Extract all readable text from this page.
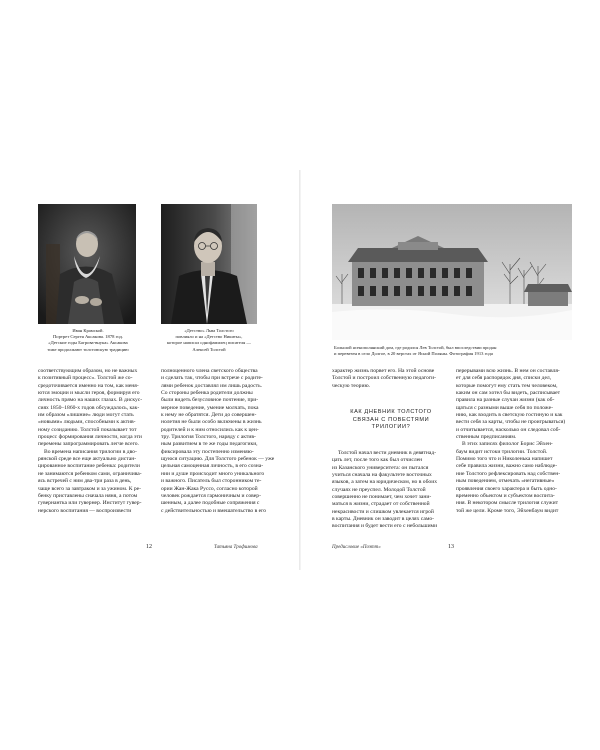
Иван Крамской.
Портрет Сергея Аксакова. 1878 год.
«Детские годы Багрова-внука» Аксакова
тоже продолжают толстовскую традицию
«Детство» Льва Толстого
повлияло и на «Детство Никиты»,
которое написал однофамилец писателя —
Алексей Толстой
соответствующим образом, но не важных
к позитивный процесс». Толстой же со-
средоточивается именно на том, как меня-
ются эмоции и мысли героя, формируя его
личность прямо на наших глазах. В дискус-
сиях 1850–1860-х годов обсуждалось, как-
им образом «лишние» люди могут стать
«новыми» людьми, способными к актив-
ному созиданию. Толстой показывает тот
процесс формирования личности, когда эти
перемены запрограммировать легче всего.
Во времена написания трилогии в дво-
рянской среде все еще актуально дистан-
цированное воспитание ребенка: родители
не занимаются ребенком сами, ограничива-
ясь встречей с ним два-три раза в день,
чаще всего за завтраком и за ужином. К ре-
бенку приставлены сначала няня, а потом
гувернантка или гувернер. Институт гувер-
нерского воспитания — воспроизвести
полноценного члена светского общества
и сделать так, чтобы при встрече с родите-
лями ребенок доставлял им лишь радость.
Со стороны ребенка родители должны
были видеть безусловное почтение, при-
мерное поведение, умение молчать, пока
к нему не обратятся. Дети до совершен-
нолетия не были особо включены в жизнь
родителей и к ним относились как к цен-
тру. Трилогия Толстого, наряду с актив-
ным развитием в те же годы педагогики,
фиксировала эту постепенно изменяю-
щуюся ситуацию. Для Толстого ребенок — уже
цельная самоценная личность, в его созна-
нии и душе происходит много уникального
и важного. Писатель был сторонником те-
ории Жан-Жака Руссо, согласно которой
человек рождается гармоничным и совер-
шенным, а далее подобные сопряжения с
с действительностью и вмешательство в его
12	Татьяна Трофимова
Большой ясенополянский дом, где родился Лев Толстой, был впоследствии продан
и перевезен в село Долгое, в 20 верстах от Ясной Поляны. Фотография 1913 года
характер жизнь порвет его. На этой основе
Толстой и построил собственную педагоги-
ческую теорию.
КАК ДНЕВНИК ТОЛСТОГО
СВЯЗАН С ПОВЕСТЯМИ
ТРИЛОГИИ?
Толстой начал вести дневник в девятнад-
цать лет, после того как был отчислен
из Казанского университета: он пытался
учиться сначала на факультете восточных
языков, а затем на юридическом, но в обоих
случаях не преуспел. Молодой Толстой
совершенно не понимает, чем хочет зани-
маться в жизни, страдает от собственной
некрасивости и слишком увлекается игрой
в карты. Дневник он заводит в целях само-
воспитания и будет вести его с небольшими
перерывами всю жизнь. В нем он составля-
ет для себя распорядок дня, списки дел,
которые помогут ему стать тем человеком,
каким он сам хотел бы видеть, расписывает
правила на разные случаи жизни (как об-
щаться с разными выше себя по положе-
нию, как входить в светскую гостиную и как
вести себя за карты, чтобы не проигрываться)
и отчитывается, насколько он следовал соб-
ственным предписаниям.
В этих записях филолог Борис Эйхен-
баум видит истоки трилогии. Толстой.
Помимо того что и Николенька напишет
себе правила жизни, важно само наблюде-
ние Толстого рефлексировать над собствен-
ным поведением, отмечать «негативные»
проявления своего характера и быть одно-
временно объектом и субъектом воспита-
ния. В некотором смысле трилогия служит
той же цели. Кроме того, Эйхенбаум видит
Предисловие «Поэтт»	13
